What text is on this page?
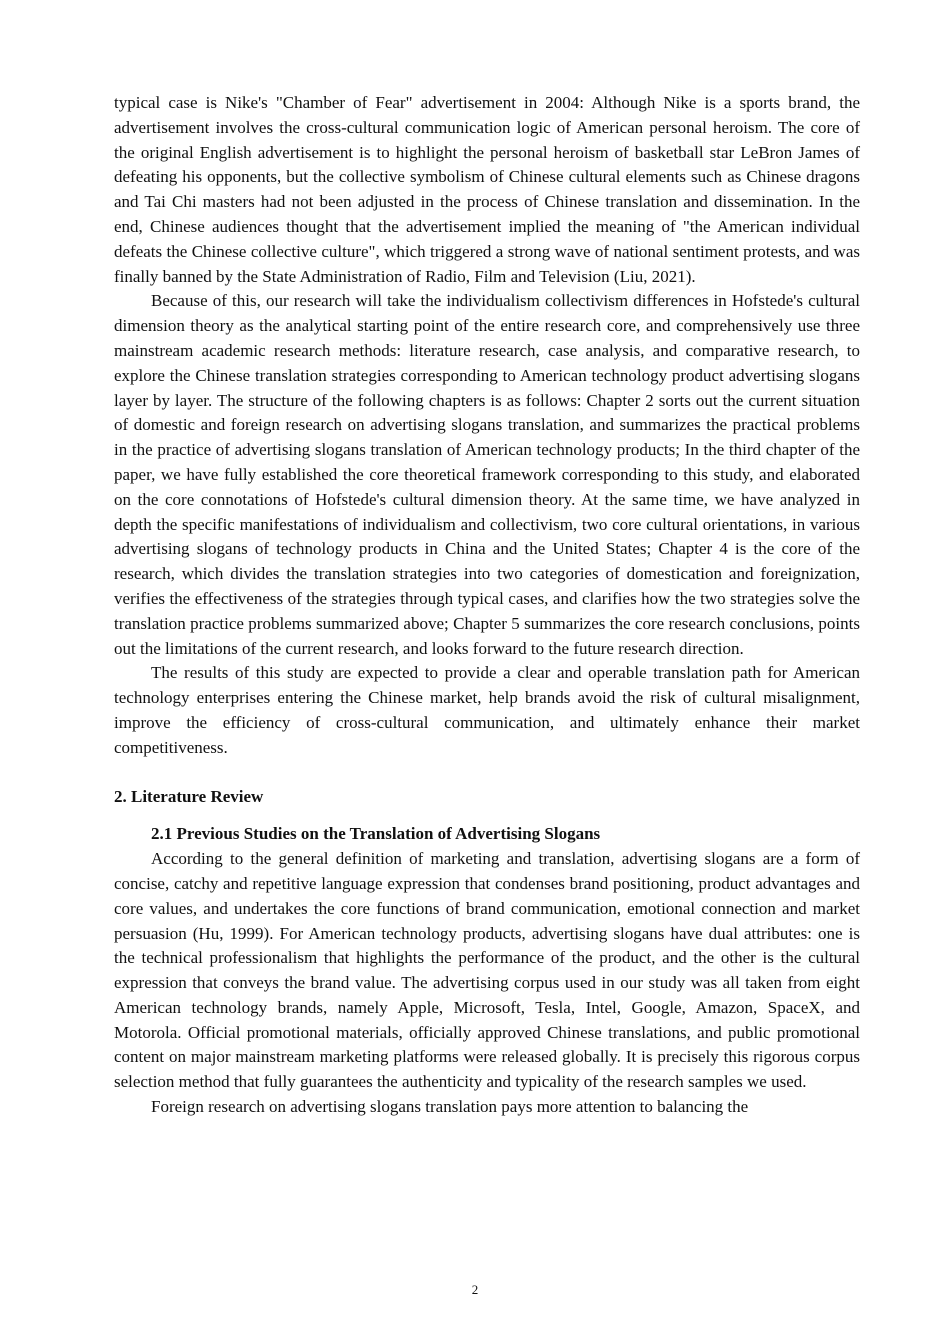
typical case is Nike's "Chamber of Fear" advertisement in 2004: Although Nike is a sports brand, the advertisement involves the cross-cultural communication logic of American personal heroism. The core of the original English advertisement is to highlight the personal heroism of basketball star LeBron James of defeating his opponents, but the collective symbolism of Chinese cultural elements such as Chinese dragons and Tai Chi masters had not been adjusted in the process of Chinese translation and dissemination. In the end, Chinese audiences thought that the advertisement implied the meaning of "the American individual defeats the Chinese collective culture", which triggered a strong wave of national sentiment protests, and was finally banned by the State Administration of Radio, Film and Television (Liu, 2021).

Because of this, our research will take the individualism collectivism differences in Hofstede's cultural dimension theory as the analytical starting point of the entire research core, and comprehensively use three mainstream academic research methods: literature research, case analysis, and comparative research, to explore the Chinese translation strategies corresponding to American technology product advertising slogans layer by layer. The structure of the following chapters is as follows: Chapter 2 sorts out the current situation of domestic and foreign research on advertising slogans translation, and summarizes the practical problems in the practice of advertising slogans translation of American technology products; In the third chapter of the paper, we have fully established the core theoretical framework corresponding to this study, and elaborated on the core connotations of Hofstede's cultural dimension theory. At the same time, we have analyzed in depth the specific manifestations of individualism and collectivism, two core cultural orientations, in various advertising slogans of technology products in China and the United States; Chapter 4 is the core of the research, which divides the translation strategies into two categories of domestication and foreignization, verifies the effectiveness of the strategies through typical cases, and clarifies how the two strategies solve the translation practice problems summarized above; Chapter 5 summarizes the core research conclusions, points out the limitations of the current research, and looks forward to the future research direction.

The results of this study are expected to provide a clear and operable translation path for American technology enterprises entering the Chinese market, help brands avoid the risk of cultural misalignment, improve the efficiency of cross-cultural communication, and ultimately enhance their market competitiveness.

2. Literature Review
2.1 Previous Studies on the Translation of Advertising Slogans

According to the general definition of marketing and translation, advertising slogans are a form of concise, catchy and repetitive language expression that condenses brand positioning, product advantages and core values, and undertakes the core functions of brand communication, emotional connection and market persuasion (Hu, 1999). For American technology products, advertising slogans have dual attributes: one is the technical professionalism that highlights the performance of the product, and the other is the cultural expression that conveys the brand value. The advertising corpus used in our study was all taken from eight American technology brands, namely Apple, Microsoft, Tesla, Intel, Google, Amazon, SpaceX, and Motorola. Official promotional materials, officially approved Chinese translations, and public promotional content on major mainstream marketing platforms were released globally. It is precisely this rigorous corpus selection method that fully guarantees the authenticity and typicality of the research samples we used.

Foreign research on advertising slogans translation pays more attention to balancing the

2
